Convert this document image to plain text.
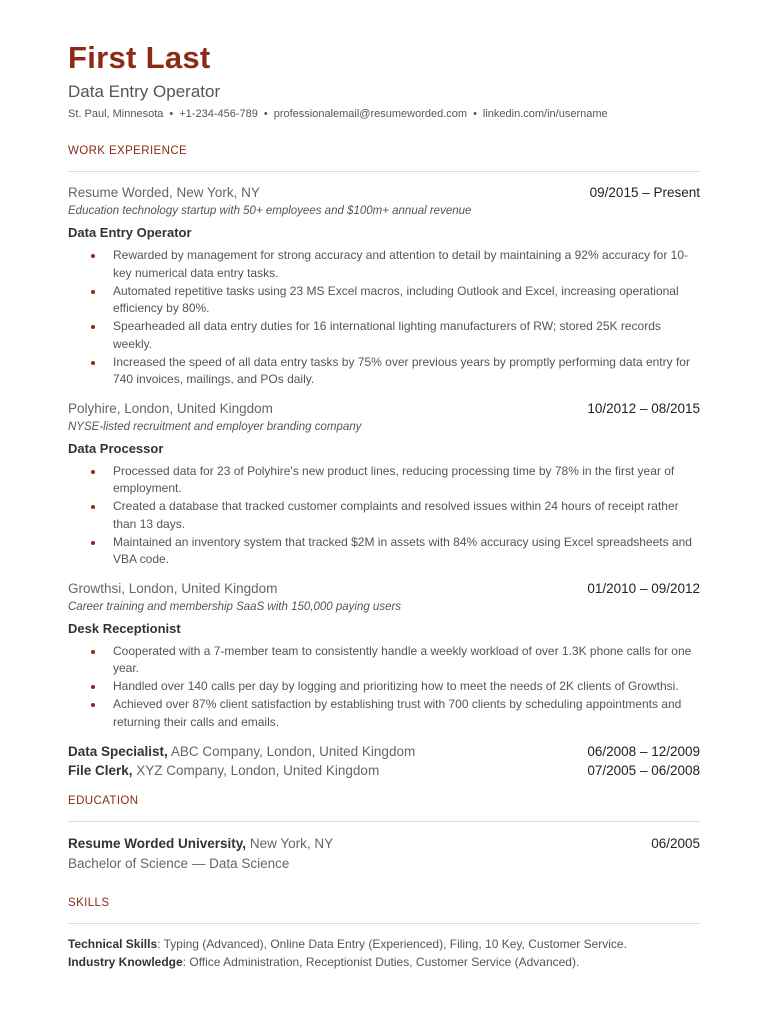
First Last
Data Entry Operator
St. Paul, Minnesota • +1-234-456-789 • professionalemail@resumeworded.com • linkedin.com/in/username
WORK EXPERIENCE
Resume Worded, New York, NY	09/2015 – Present
Education technology startup with 50+ employees and $100m+ annual revenue
Data Entry Operator
Rewarded by management for strong accuracy and attention to detail by maintaining a 92% accuracy for 10-key numerical data entry tasks.
Automated repetitive tasks using 23 MS Excel macros, including Outlook and Excel, increasing operational efficiency by 80%.
Spearheaded all data entry duties for 16 international lighting manufacturers of RW; stored 25K records weekly.
Increased the speed of all data entry tasks by 75% over previous years by promptly performing data entry for 740 invoices, mailings, and POs daily.
Polyhire, London, United Kingdom	10/2012 – 08/2015
NYSE-listed recruitment and employer branding company
Data Processor
Processed data for 23 of Polyhire's new product lines, reducing processing time by 78% in the first year of employment.
Created a database that tracked customer complaints and resolved issues within 24 hours of receipt rather than 13 days.
Maintained an inventory system that tracked $2M in assets with 84% accuracy using Excel spreadsheets and VBA code.
Growthsi, London, United Kingdom	01/2010 – 09/2012
Career training and membership SaaS with 150,000 paying users
Desk Receptionist
Cooperated with a 7-member team to consistently handle a weekly workload of over 1.3K phone calls for one year.
Handled over 140 calls per day by logging and prioritizing how to meet the needs of 2K clients of Growthsi.
Achieved over 87% client satisfaction by establishing trust with 700 clients by scheduling appointments and returning their calls and emails.
Data Specialist, ABC Company, London, United Kingdom	06/2008 – 12/2009
File Clerk, XYZ Company, London, United Kingdom	07/2005 – 06/2008
EDUCATION
Resume Worded University, New York, NY	06/2005
Bachelor of Science — Data Science
SKILLS
Technical Skills: Typing (Advanced), Online Data Entry (Experienced), Filing, 10 Key, Customer Service.
Industry Knowledge: Office Administration, Receptionist Duties, Customer Service (Advanced).
